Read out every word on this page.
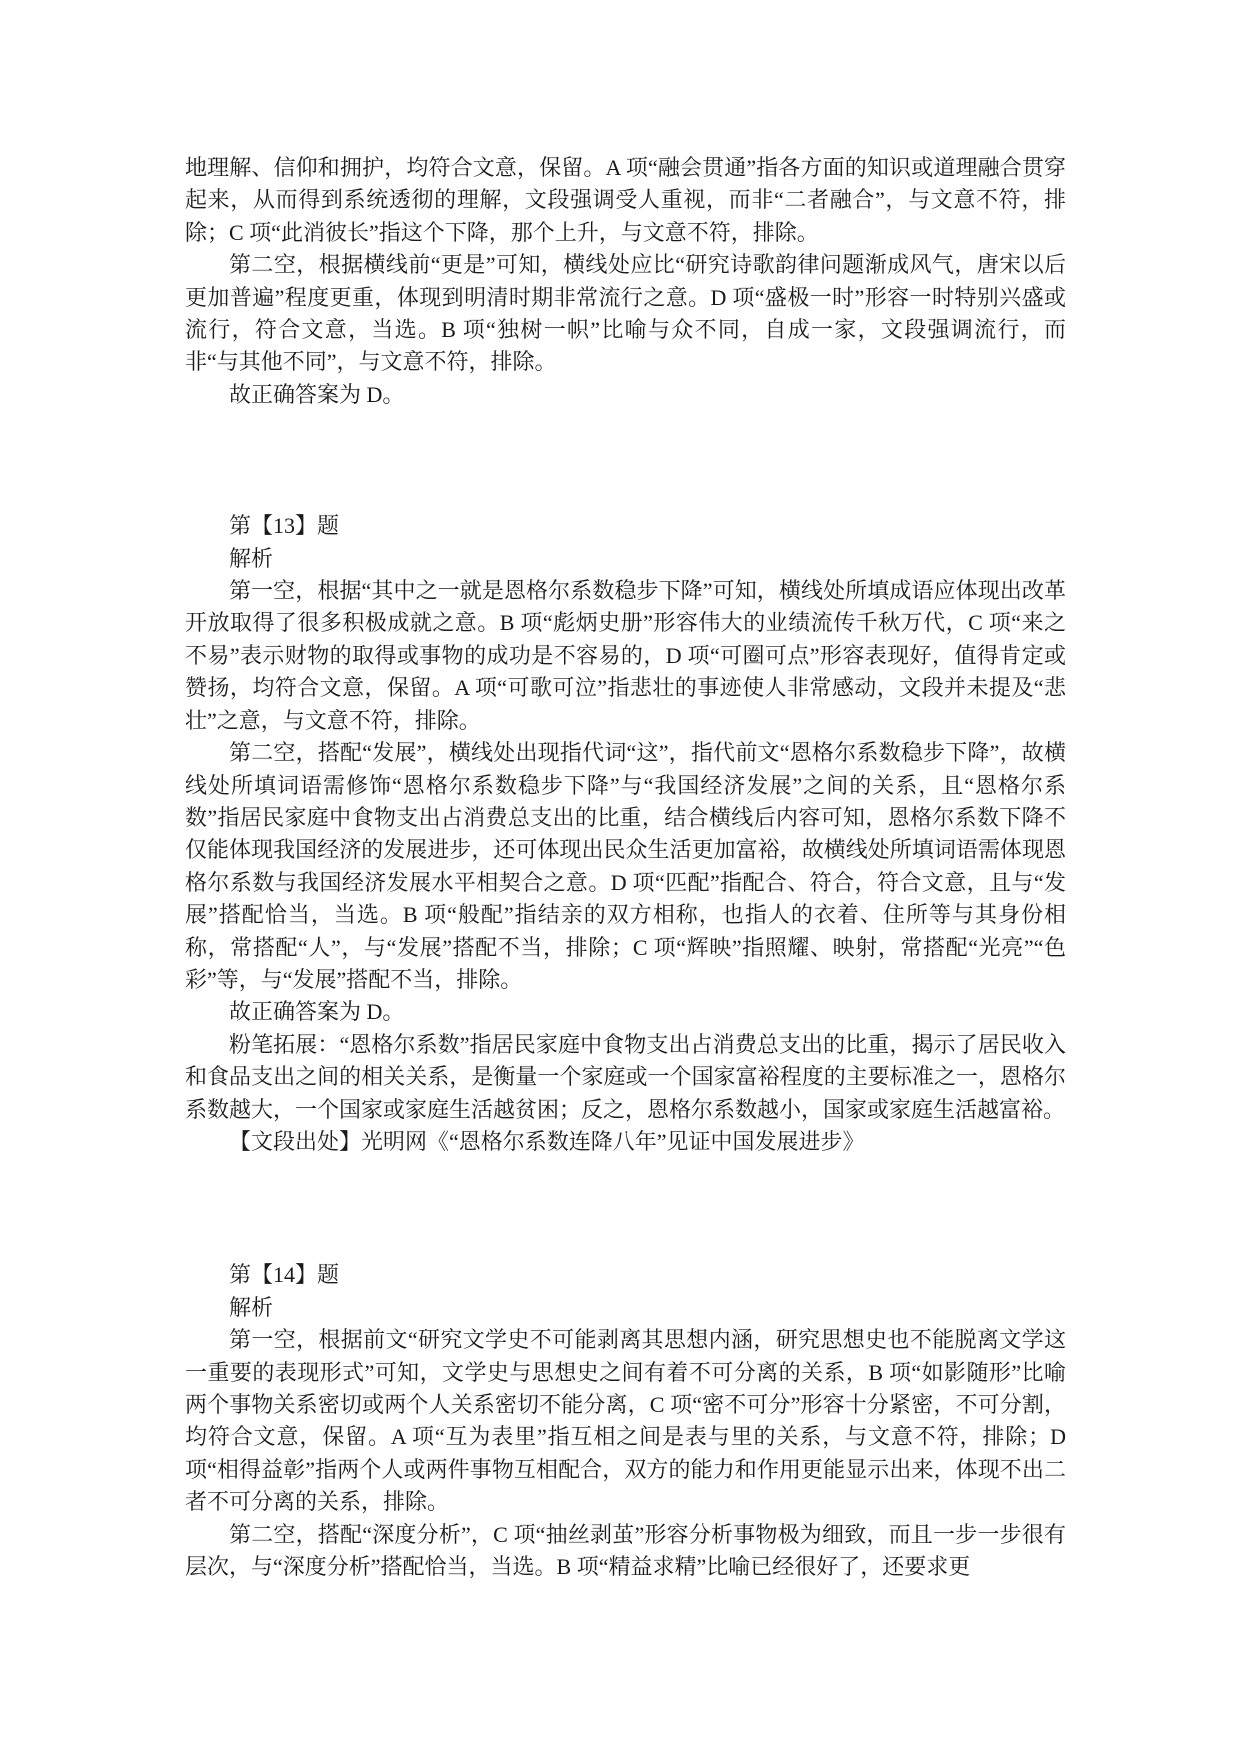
地理解、信仰和拥护，均符合文意，保留。A 项“融会贯通”指各方面的知识或道理融合贯穿起来，从而得到系统透彻的理解，文段强调受人重视，而非“二者融合”，与文意不符，排除；C 项“此消彼长”指这个下降，那个上升，与文意不符，排除。

第二空，根据横线前“更是”可知，横线处应比“研究诗歌韵律问题渐成风气，唐宋以后更加普遍”程度更重，体现到明清时期非常流行之意。D 项“盛极一时”形容一时特别兴盛或流行，符合文意，当选。B 项“独树一帜”比喻与众不同，自成一家，文段强调流行，而非“与其他不同”，与文意不符，排除。

故正确答案为 D。

第【13】题

解析

第一空，根据“其中之一就是恩格尔系数稳步下降”可知，横线处所填成语应体现出改革开放取得了很多积极成就之意。B 项“彪炳史册”形容伟大的业绩流传千秋万代，C 项“来之不易”表示财物的取得或事物的成功是不容易的，D 项“可圈可点”形容表现好，值得肯定或赞扬，均符合文意，保留。A 项“可歌可泣”指悲壮的事迹使人非常感动，文段并未提及“悲壮”之意，与文意不符，排除。

第二空，搭配“发展”，横线处出现指代词“这”，指代前文“恩格尔系数稳步下降”，故横线处所填词语需修饰“恩格尔系数稳步下降”与“我国经济发展”之间的关系，且“恩格尔系数”指居民家庭中食物支出占消费总支出的比重，结合横线后内容可知，恩格尔系数下降不仅能体现我国经济的发展进步，还可体现出民众生活更加富裕，故横线处所填词语需体现恩格尔系数与我国经济发展水平相契合之意。D 项“匹配”指配合、符合，符合文意，且与“发展”搭配恰当，当选。B 项“般配”指结亲的双方相称，也指人的衣着、住所等与其身份相称，常搭配“人”，与“发展”搭配不当，排除；C 项“辉映”指照耀、映射，常搭配“光亮”“色彩”等，与“发展”搭配不当，排除。

故正确答案为 D。

粉笔拓展：“恩格尔系数”指居民家庭中食物支出占消费总支出的比重，揭示了居民收入和食品支出之间的相关关系，是衡量一个家庭或一个国家富裕程度的主要标准之一，恩格尔系数越大，一个国家或家庭生活越贫困；反之，恩格尔系数越小，国家或家庭生活越富裕。

【文段出处】光明网《“恩格尔系数连降八年”见证中国发展进步》

第【14】题

解析

第一空，根据前文“研究文学史不可能剥离其思想内涵，研究思想史也不能脱离文学这一重要的表现形式”可知，文学史与思想史之间有着不可分离的关系，B 项“如影随形”比喻两个事物关系密切或两个人关系密切不能分离，C 项“密不可分”形容十分紧密，不可分割，均符合文意，保留。A 项“互为表里”指互相之间是表与里的关系，与文意不符，排除；D 项“相得益彰”指两个人或两件事物互相配合，双方的能力和作用更能显示出来，体现不出二者不可分离的关系，排除。

第二空，搭配“深度分析”，C 项“抽丝剥茧”形容分析事物极为细致，而且一步一步很有层次，与“深度分析”搭配恰当，当选。B 项“精益求精”比喻已经很好了，还要求更
